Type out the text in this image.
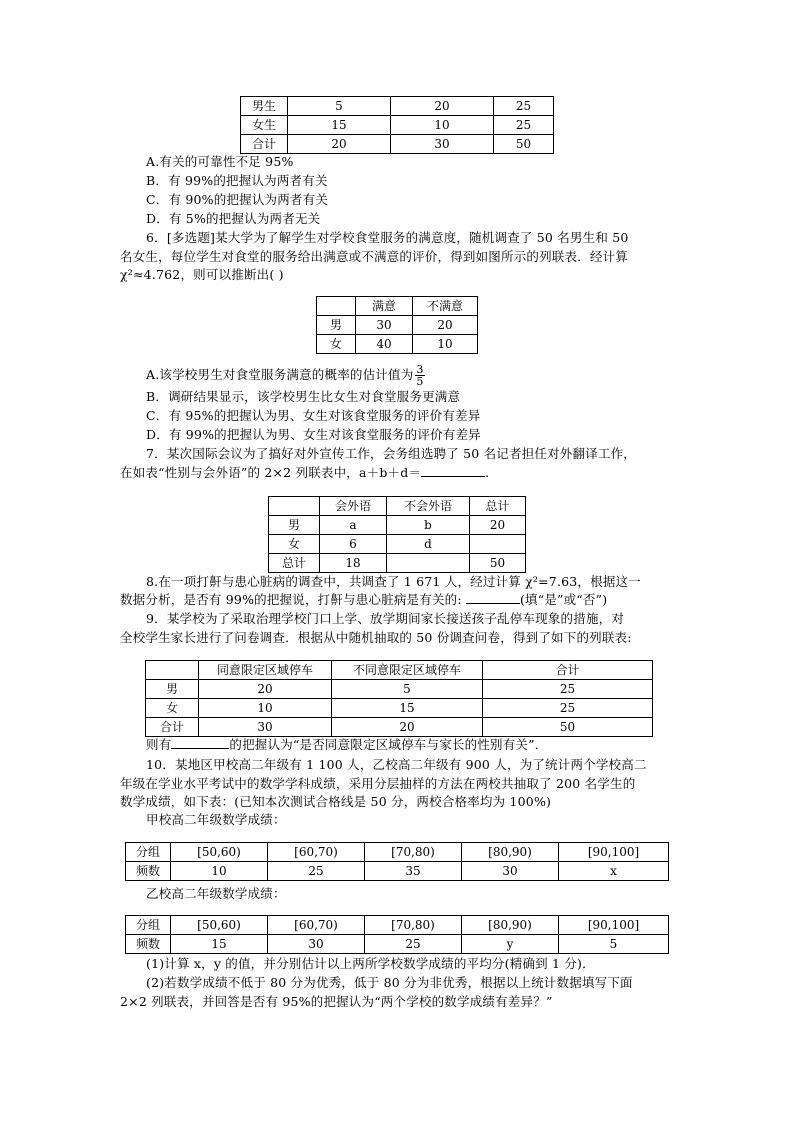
男生	5	20	25
女生	15	10	25
合计	20	30	50
A.有关的可靠性不足 95%
B．有 99%的把握认为两者有关
C．有 90%的把握认为两者有关
D．有 5%的把握认为两者无关
6．[多选题]某大学为了解学生对学校食堂服务的满意度，随机调查了 50 名男生和 50
名女生，每位学生对食堂的服务给出满意或不满意的评价，得到如图所示的列联表．经计算
χ²≈4.762，则可以推断出( )
	满意	不满意
男	30	20
女	40	10
A.该学校男生对食堂服务满意的概率的估计值为 $\frac{3}{5}$
B．调研结果显示，该学校男生比女生对食堂服务更满意
C．有 95%的把握认为男、女生对该食堂服务的评价有差异
D．有 99%的把握认为男、女生对该食堂服务的评价有差异
7．某次国际会议为了搞好对外宣传工作，会务组选聘了 50 名记者担任对外翻译工作，
在如表“性别与会外语”的 2×2 列联表中，a＋b＋d＝	.
	会外语	不会外语	总计
男	a	b	20
女	6	d	
总计	18		50
8.在一项打鼾与患心脏病的调查中，共调查了 1 671 人，经过计算 χ²=7.63，根据这一
数据分析，是否有 99%的把握说，打鼾与患心脏病是有关的:	(填“是”或“否”)
9．某学校为了采取治理学校门口上学、放学期间家长接送孩子乱停车现象的措施，对
全校学生家长进行了问卷调查．根据从中随机抽取的 50 份调查问卷，得到了如下的列联表:
	同意限定区域停车	不同意限定区域停车	合计
男	20	5	25
女	10	15	25
合计	30	20	50
则有	的把握认为“是否同意限定区域停车与家长的性别有关”．
10．某地区甲校高二年级有 1 100 人，乙校高二年级有 900 人，为了统计两个学校高二
年级在学业水平考试中的数学学科成绩，采用分层抽样的方法在两校共抽取了 200 名学生的
数学成绩，如下表：(已知本次测试合格线是 50 分，两校合格率均为 100%)
甲校高二年级数学成绩：
分组	[50,60)	[60,70)	[70,80)	[80,90)	[90,100]
频数	10	25	35	30	x
乙校高二年级数学成绩：
分组	[50,60)	[60,70)	[70,80)	[80,90)	[90,100]
频数	15	30	25	y	5
(1)计算 x，y 的值，并分别估计以上两所学校数学成绩的平均分(精确到 1 分)．
(2)若数学成绩不低于 80 分为优秀，低于 80 分为非优秀，根据以上统计数据填写下面
2×2 列联表，并回答是否有 95%的把握认为“两个学校的数学成绩有差异？”
